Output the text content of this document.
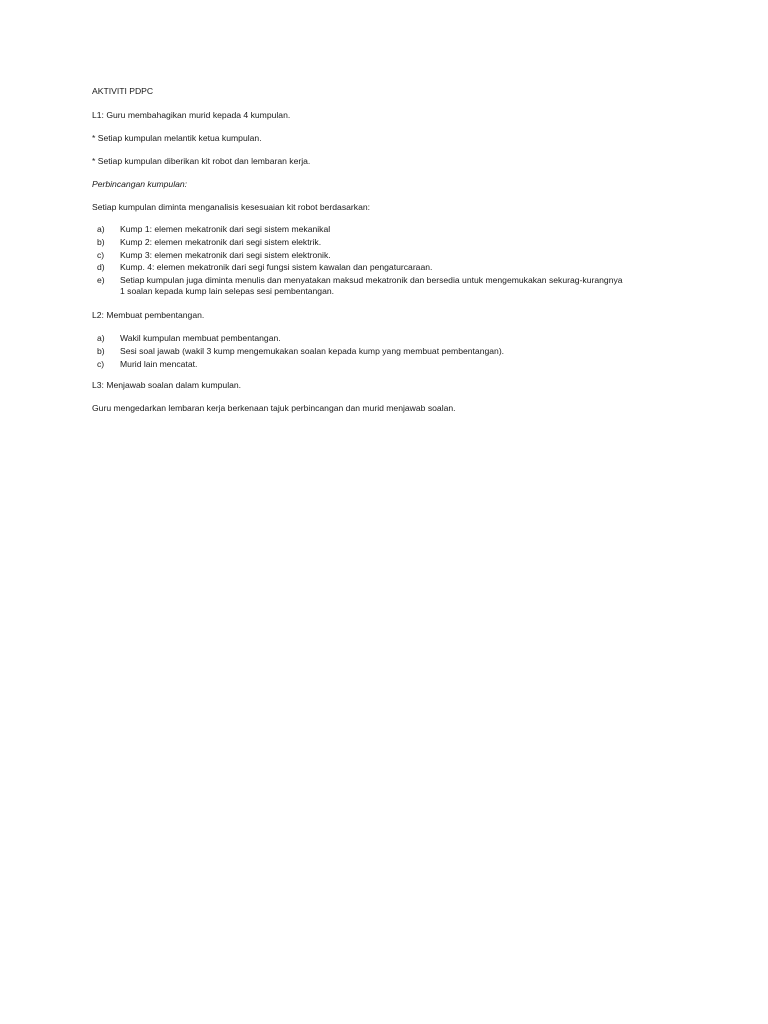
AKTIVITI PDPC
L1: Guru membahagikan murid kepada 4 kumpulan.
* Setiap kumpulan melantik ketua kumpulan.
* Setiap kumpulan diberikan kit robot dan lembaran kerja.
Perbincangan kumpulan:
Setiap kumpulan diminta menganalisis kesesuaian kit robot berdasarkan:
a) Kump 1: elemen mekatronik dari segi sistem mekanikal
b) Kump 2: elemen mekatronik dari segi sistem elektrik.
c) Kump 3: elemen mekatronik dari segi sistem elektronik.
d) Kump. 4: elemen mekatronik dari segi fungsi sistem kawalan dan pengaturcaraan.
e) Setiap kumpulan juga diminta menulis dan menyatakan maksud mekatronik dan bersedia untuk mengemukakan sekurag-kurangnya
1 soalan kepada kump lain selepas sesi pembentangan.
L2: Membuat pembentangan.
a) Wakil kumpulan membuat pembentangan.
b) Sesi soal jawab (wakil 3 kump mengemukakan soalan kepada kump yang membuat pembentangan).
c) Murid lain mencatat.
L3: Menjawab soalan dalam kumpulan.
Guru mengedarkan lembaran kerja berkenaan tajuk perbincangan dan murid menjawab soalan.
